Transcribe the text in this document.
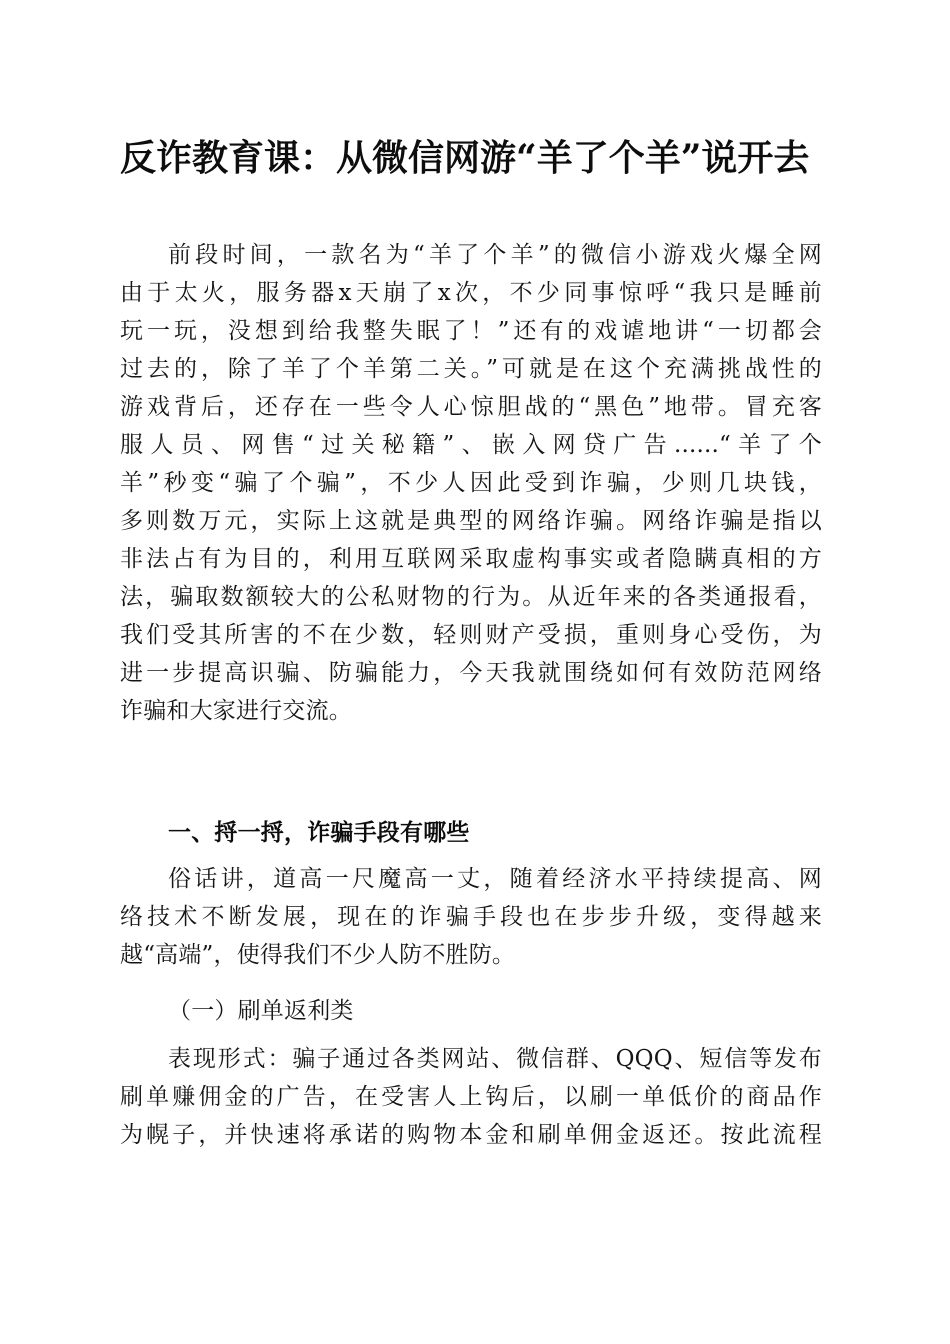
反诈教育课：从微信网游“羊了个羊”说开去
前段时间，一款名为“羊了个羊”的微信小游戏火爆全网
由于太火，服务器x天崩了x次，不少同事惊呼“我只是睡前
玩一玩，没想到给我整失眠了！”还有的戏谑地讲“一切都会
过去的，除了羊了个羊第二关。”可就是在这个充满挑战性的
游戏背后，还存在一些令人心惊胆战的“黑色”地带。冒充客
服人员、网售“过关秘籍”、嵌入网贷广告......“羊了个
羊”秒变“骗了个骗”，不少人因此受到诈骗，少则几块钱，
多则数万元，实际上这就是典型的网络诈骗。网络诈骗是指以
非法占有为目的，利用互联网采取虚构事实或者隐瞒真相的方
法，骗取数额较大的公私财物的行为。从近年来的各类通报看，
我们受其所害的不在少数，轻则财产受损，重则身心受伤，为
进一步提高识骗、防骗能力，今天我就围绕如何有效防范网络
诈骗和大家进行交流。
一、捋一捋，诈骗手段有哪些
俗话讲，道高一尺魔高一丈，随着经济水平持续提高、网
络技术不断发展，现在的诈骗手段也在步步升级，变得越来
越“高端”，使得我们不少人防不胜防。
（一）刷单返利类
表现形式：骗子通过各类网站、微信群、QQQ、短信等发布
刷单赚佣金的广告，在受害人上钩后，以刷一单低价的商品作
为幌子，并快速将承诺的购物本金和刷单佣金返还。按此流程
